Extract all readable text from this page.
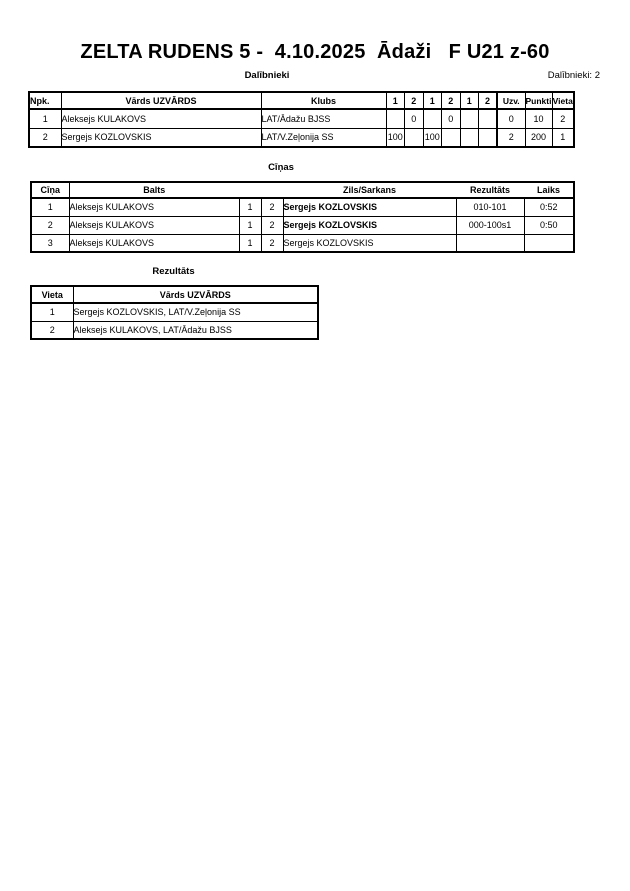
ZELTA RUDENS 5 -  4.10.2025  Ādaži   F U21 z-60
Dalībnieki	Dalībnieki: 2
Npk.	Vārds UZVĀRDS	Klubs	1	2	1	2	1	2	Uzv.	Punkti	Vieta
1	Aleksejs KULAKOVS	LAT/Ādažu BJSS		0		0			0	10	2
2	Sergejs KOZLOVSKIS	LAT/V.Zeļonija SS	100		100				2	200	1
Cīņas
Cīņa	Balts			Zils/Sarkans	Rezultāts	Laiks
1	Aleksejs KULAKOVS	1	2	Sergejs KOZLOVSKIS	010-101	0:52
2	Aleksejs KULAKOVS	1	2	Sergejs KOZLOVSKIS	000-100s1	0:50
3	Aleksejs KULAKOVS	1	2	Sergejs KOZLOVSKIS		
Rezultāts
Vieta	Vārds UZVĀRDS
1	Sergejs KOZLOVSKIS, LAT/V.Zeļonija SS
2	Aleksejs KULAKOVS, LAT/Ādažu BJSS
